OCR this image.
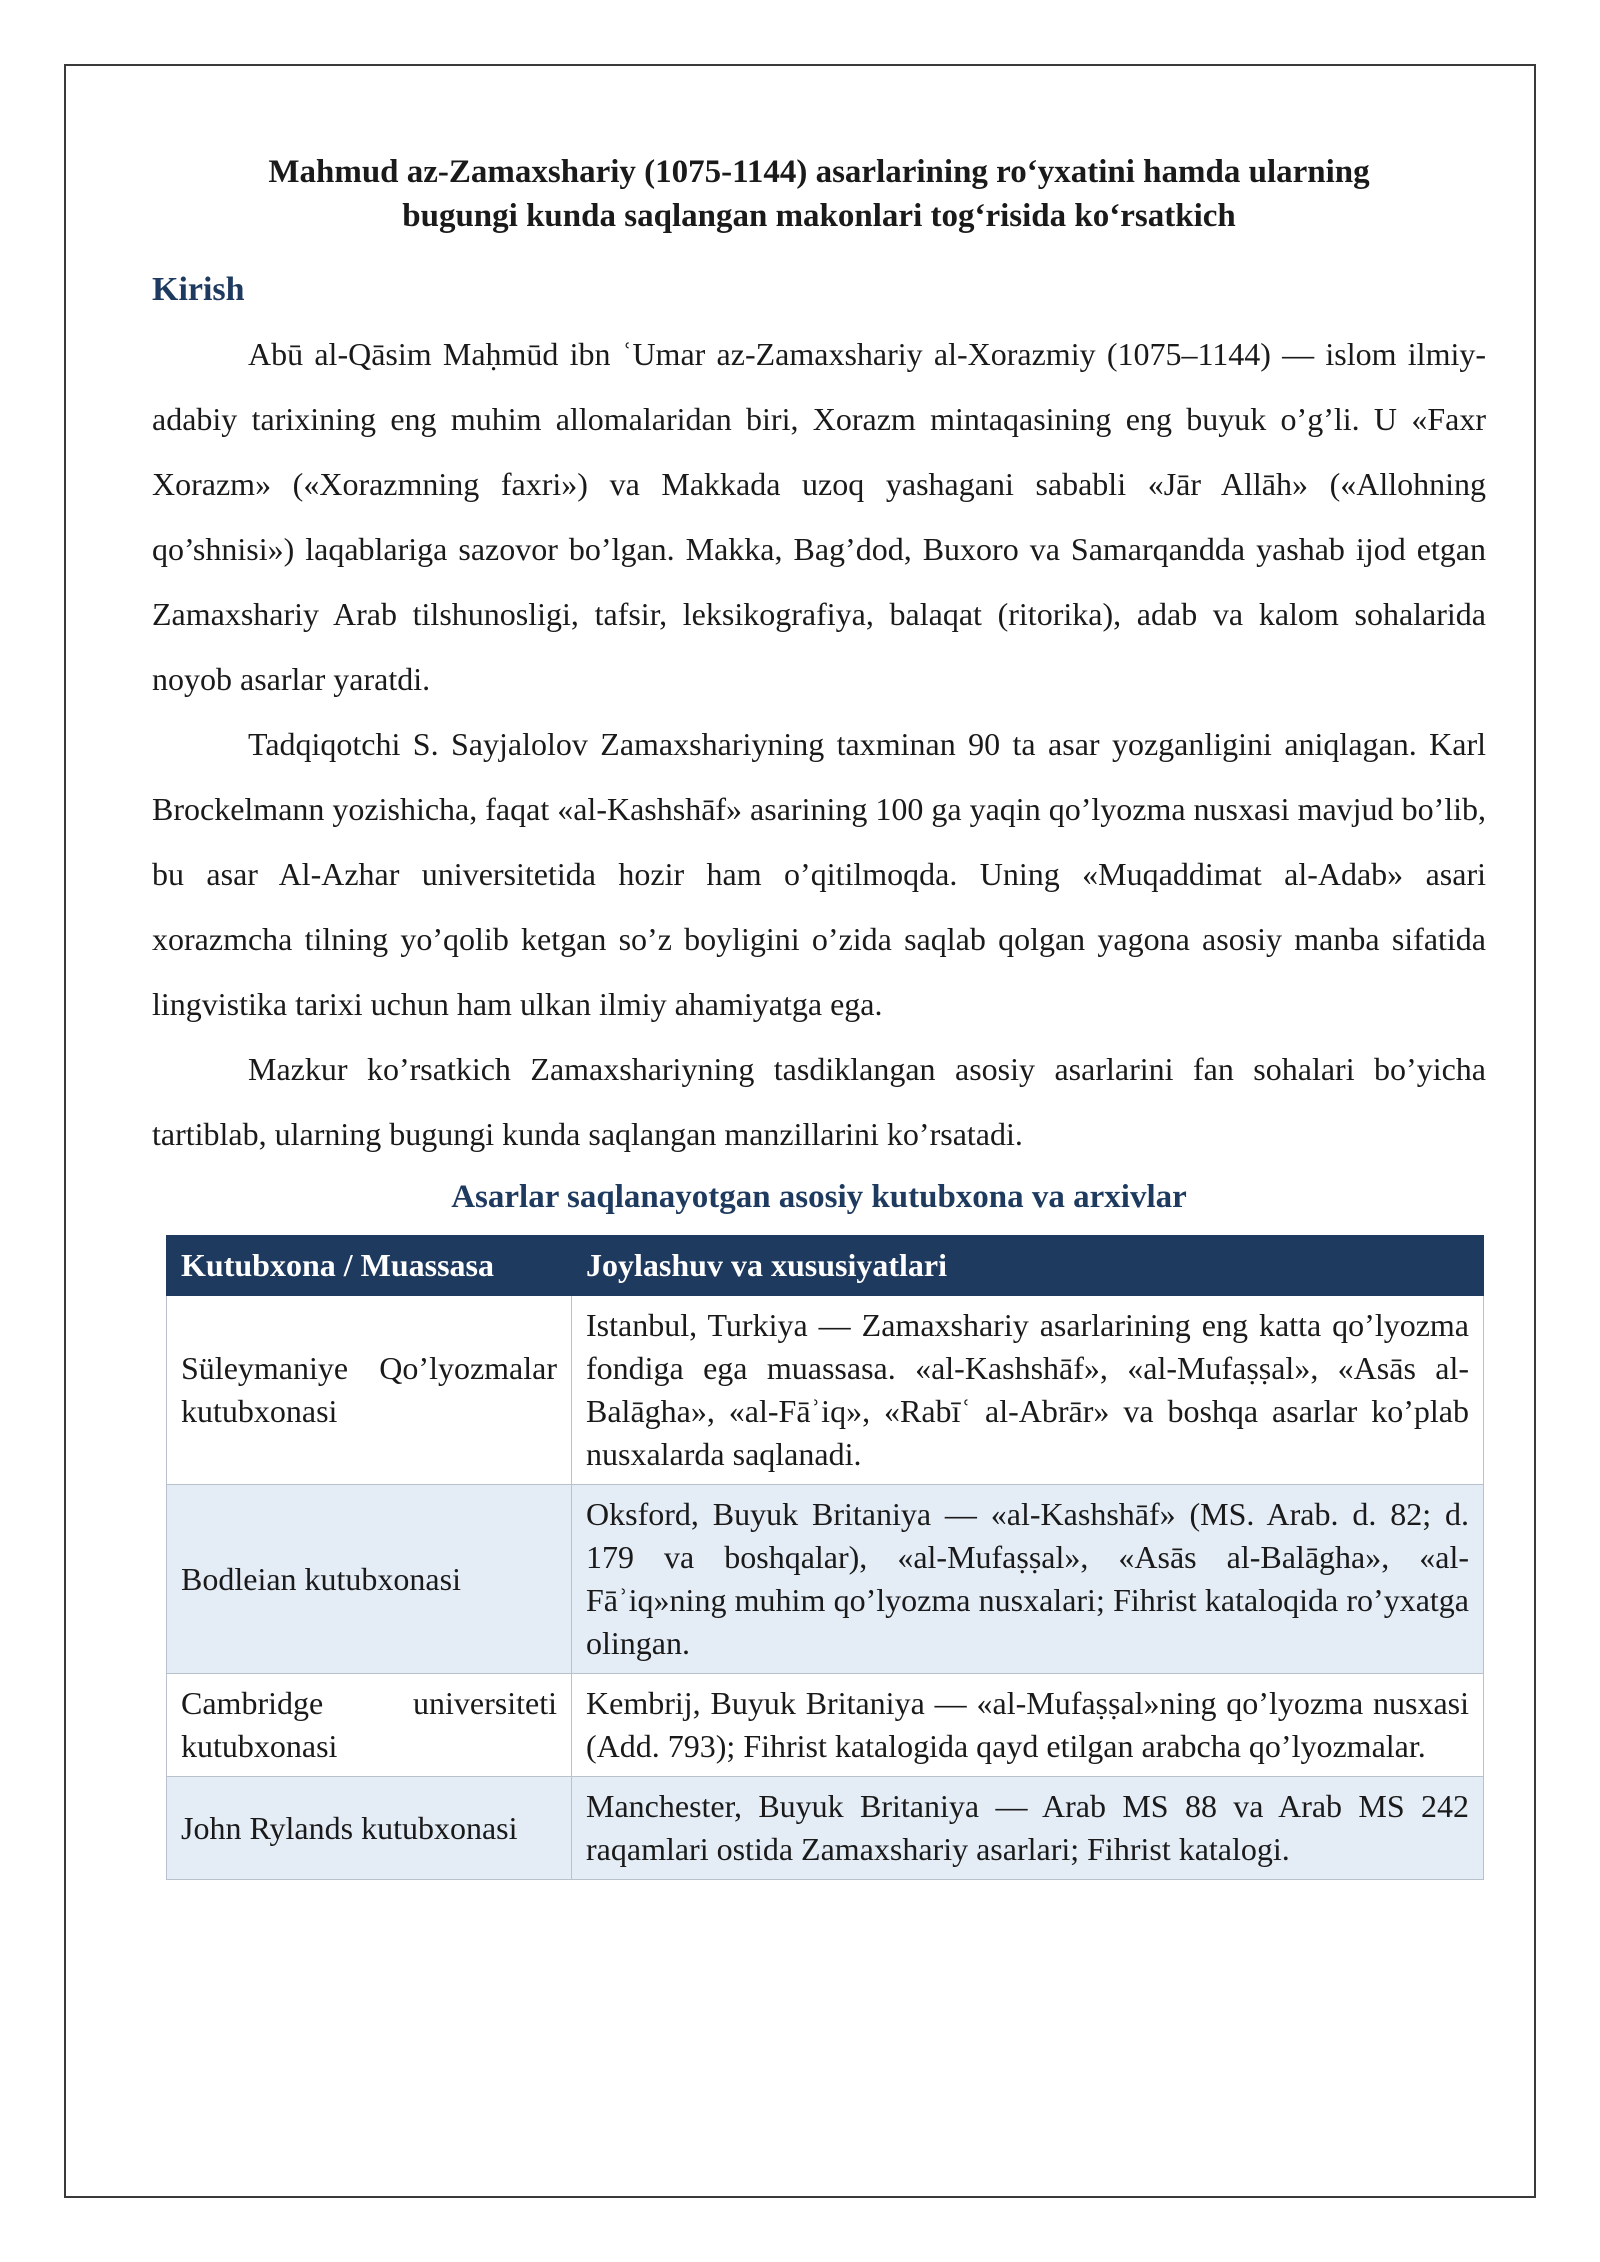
Mahmud az-Zamaxshariy (1075-1144) asarlarining ro‘yxatini hamda ularning
bugungi kunda saqlangan makonlari tog‘risida ko‘rsatkich
Kirish

Abū al-Qāsim Maḥmūd ibn ʿUmar az-Zamaxshariy al-Xorazmiy (1075–1144) — islom ilmiy-adabiy tarixining eng muhim allomalaridan biri, Xorazm mintaqasining eng buyuk o’g’li. U «Faxr Xorazm» («Xorazmning faxri») va Makkada uzoq yashagani sababli «Jār Allāh» («Allohning qo’shnisi») laqablariga sazovor bo’lgan. Makka, Bag’dod, Buxoro va Samarqandda yashab ijod etgan Zamaxshariy Arab tilshunosligi, tafsir, leksikografiya, balaqat (ritorika), adab va kalom sohalarida noyob asarlar yaratdi.

Tadqiqotchi S. Sayjalolov Zamaxshariyning taxminan 90 ta asar yozganligini aniqlagan. Karl Brockelmann yozishicha, faqat «al-Kashshāf» asarining 100 ga yaqin qo’lyozma nusxasi mavjud bo’lib, bu asar Al-Azhar universitetida hozir ham o’qitilmoqda. Uning «Muqaddimat al-Adab» asari xorazmcha tilning yo’qolib ketgan so’z boyligini o’zida saqlab qolgan yagona asosiy manba sifatida lingvistika tarixi uchun ham ulkan ilmiy ahamiyatga ega.

Mazkur ko’rsatkich Zamaxshariyning tasdiklangan asosiy asarlarini fan sohalari bo’yicha tartiblab, ularning bugungi kunda saqlangan manzillarini ko’rsatadi.

Asarlar saqlanayotgan asosiy kutubxona va arxivlar
Kutubxona / Muassasa	Joylashuv va xususiyatlari
Süleymaniye Qo’lyozmalar kutubxonasi	Istanbul, Turkiya — Zamaxshariy asarlarining eng katta qo’lyozma fondiga ega muassasa. «al-Kashshāf», «al-Mufaṣṣal», «Asās al-Balāgha», «al-Fāʾiq», «Rabīʿ al-Abrār» va boshqa asarlar ko’plab nusxalarda saqlanadi.
Bodleian kutubxonasi	Oksford, Buyuk Britaniya — «al-Kashshāf» (MS. Arab. d. 82; d. 179 va boshqalar), «al-Mufaṣṣal», «Asās al-Balāgha», «al-Fāʾiq»ning muhim qo’lyozma nusxalari; Fihrist kataloqida ro’yxatga olingan.
Cambridge universiteti kutubxonasi	Kembrij, Buyuk Britaniya — «al-Mufaṣṣal»ning qo’lyozma nusxasi (Add. 793); Fihrist katalogida qayd etilgan arabcha qo’lyozmalar.
John Rylands kutubxonasi	Manchester, Buyuk Britaniya — Arab MS 88 va Arab MS 242 raqamlari ostida Zamaxshariy asarlari; Fihrist katalogi.
